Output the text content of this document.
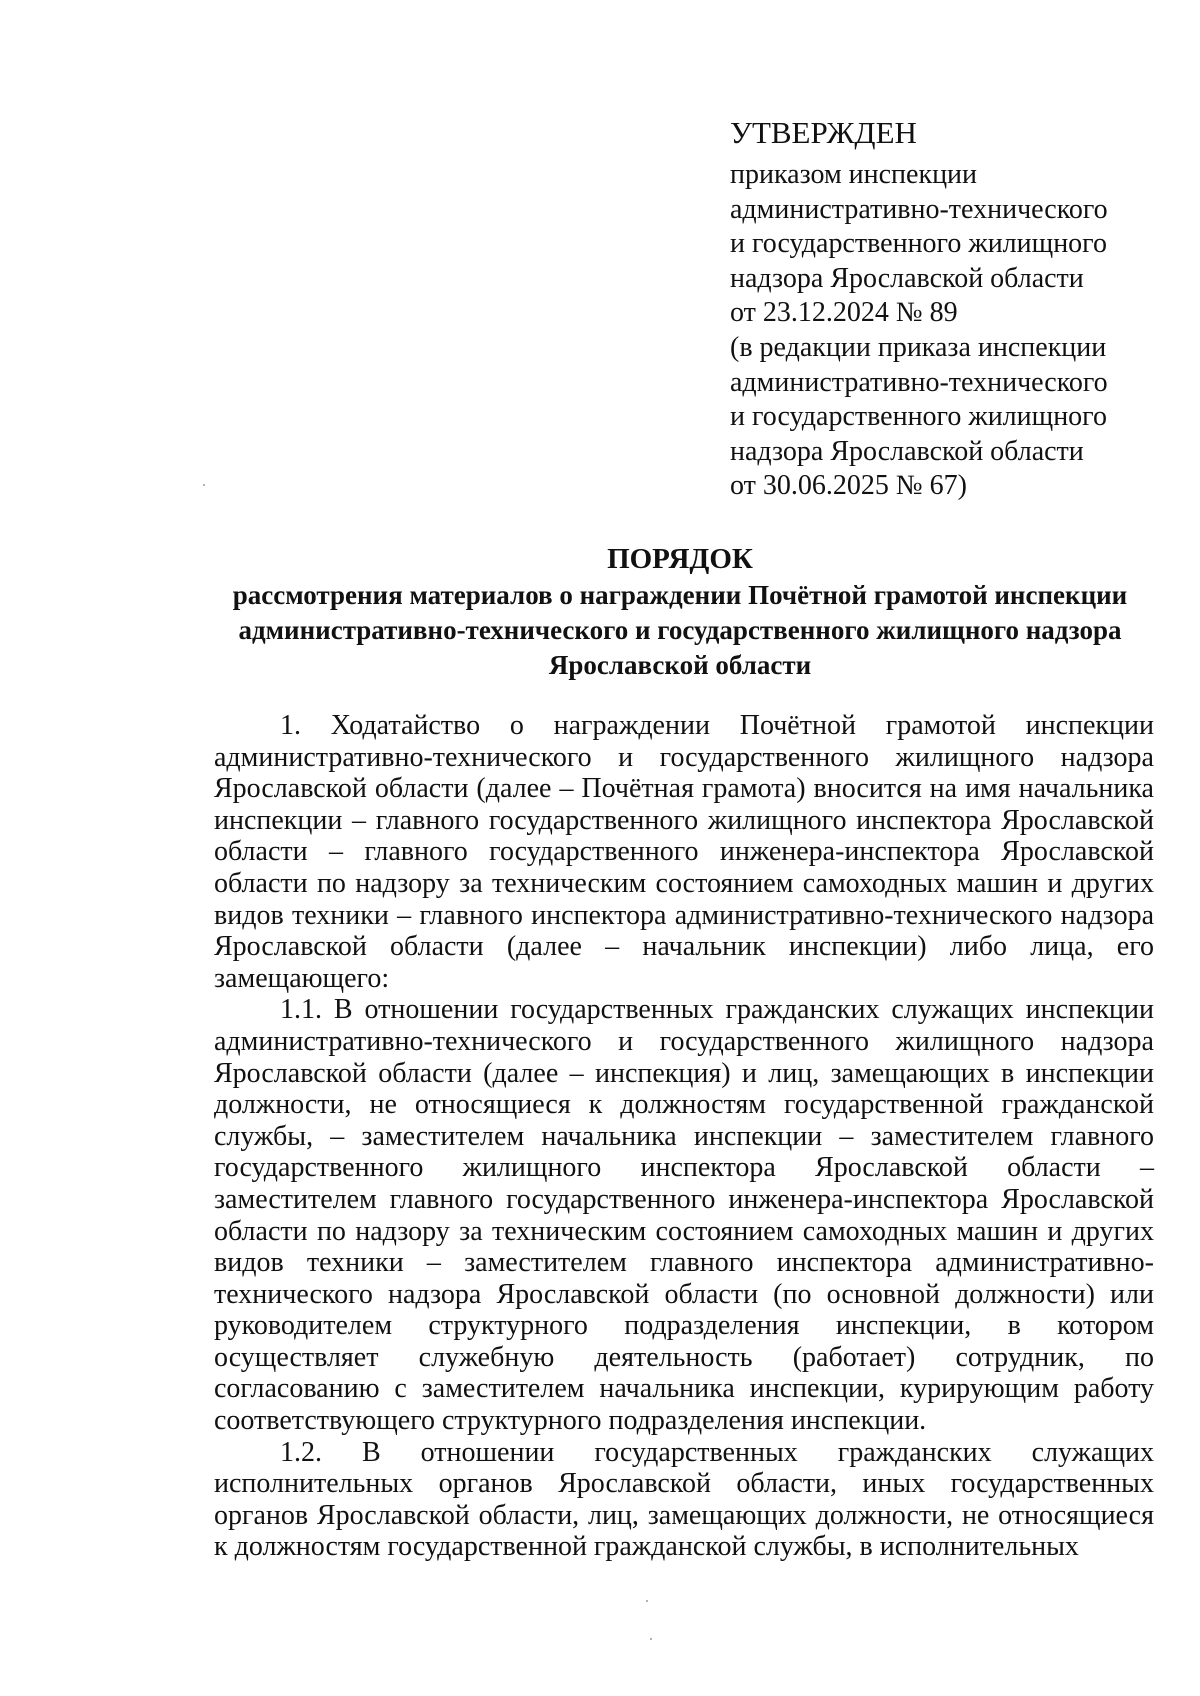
УТВЕРЖДЕН
приказом инспекции
административно-технического
и государственного жилищного
надзора Ярославской области
от 23.12.2024 № 89
(в редакции приказа инспекции
административно-технического
и государственного жилищного
надзора Ярославской области
от 30.06.2025 № 67)
ПОРЯДОК
рассмотрения материалов о награждении Почётной грамотой инспекции
административно-технического и государственного жилищного надзора
Ярославской области

1. Ходатайство о награждении Почётной грамотой инспекции административно-технического и государственного жилищного надзора Ярославской области (далее – Почётная грамота) вносится на имя начальника инспекции – главного государственного жилищного инспектора Ярославской области – главного государственного инженера-инспектора Ярославской области по надзору за техническим состоянием самоходных машин и других видов техники – главного инспектора административно-технического надзора Ярославской области (далее – начальник инспекции) либо лица, его замещающего:

1.1. В отношении государственных гражданских служащих инспекции административно-технического и государственного жилищного надзора Ярославской области (далее – инспекция) и лиц, замещающих в инспекции должности, не относящиеся к должностям государственной гражданской службы, – заместителем начальника инспекции – заместителем главного государственного жилищного инспектора Ярославской области – заместителем главного государственного инженера-инспектора Ярославской области по надзору за техническим состоянием самоходных машин и других видов техники – заместителем главного инспектора административно-технического надзора Ярославской области (по основной должности) или руководителем структурного подразделения инспекции, в котором осуществляет служебную деятельность (работает) сотрудник, по согласованию с заместителем начальника инспекции, курирующим работу соответствующего структурного подразделения инспекции.

1.2. В отношении государственных гражданских служащих исполнительных органов Ярославской области, иных государственных органов Ярославской области, лиц, замещающих должности, не относящиеся к должностям государственной гражданской службы, в исполнительных
